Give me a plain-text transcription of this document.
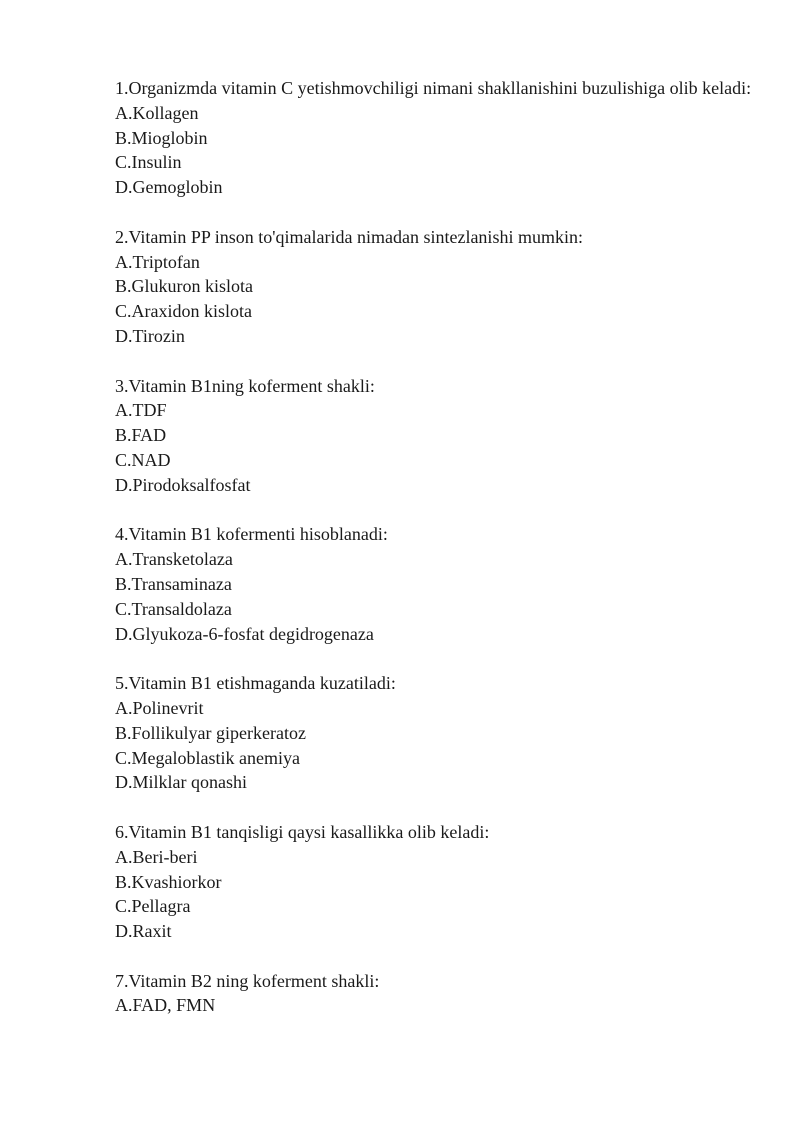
1.Organizmda vitamin C yetishmovchiligi nimani shakllanishini buzulishiga olib keladi:
A.Kollagen
B.Mioglobin
C.Insulin
D.Gemoglobin
2.Vitamin PP inson to'qimalarida nimadan sintezlanishi mumkin:
A.Triptofan
B.Glukuron kislota
C.Araxidon kislota
D.Tirozin
3.Vitamin B1ning koferment shakli:
A.TDF
B.FAD
C.NAD
D.Pirodoksalfosfat
4.Vitamin B1 kofermenti hisoblanadi:
A.Transketolaza
B.Transaminaza
C.Transaldolaza
D.Glyukoza-6-fosfat degidrogenaza
5.Vitamin B1 etishmaganda kuzatiladi:
A.Polinevrit
B.Follikulyar giperkeratoz
C.Megaloblastik anemiya
D.Milklar qonashi
6.Vitamin B1 tanqisligi qaysi kasallikka olib keladi:
A.Beri-beri
B.Kvashiorkor
C.Pellagra
D.Raxit
7.Vitamin B2 ning koferment shakli:
A.FAD, FMN
